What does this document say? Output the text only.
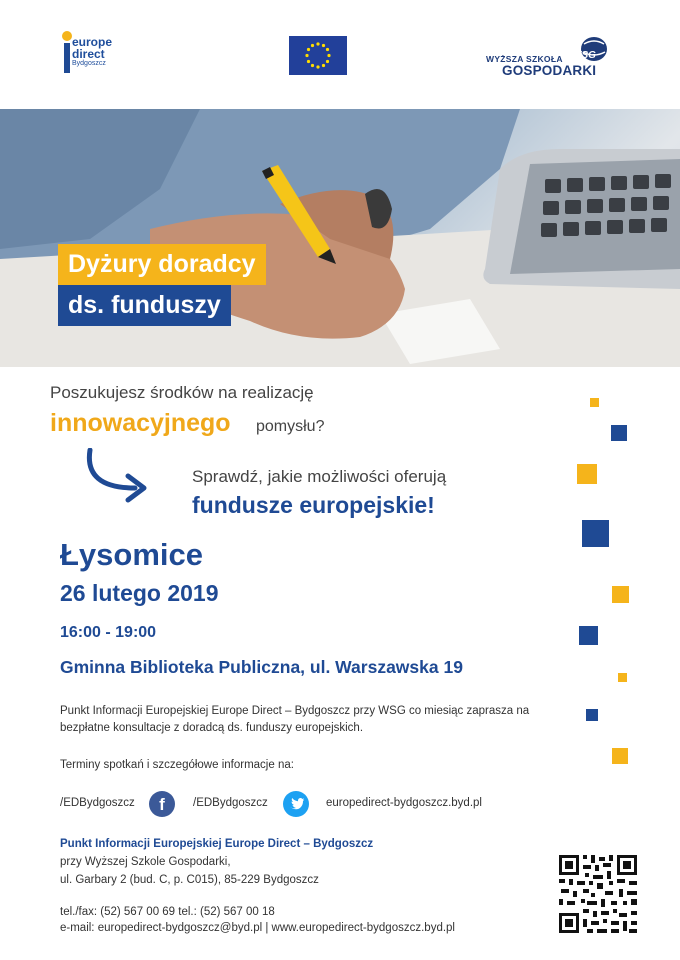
europe
direct
Bydgoszcz	WYŻSZA SZKOŁA WSG
GOSPODARKI
Dyżury doradcy
ds. funduszy
Poszukujesz środków na realizację
innowacyjnego pomysłu?
Sprawdź, jakie możliwości oferują
fundusze europejskie!
Łysomice
26 lutego 2019
16:00 - 19:00
Gminna Biblioteka Publiczna, ul. Warszawska 19
Punkt Informacji Europejskiej Europe Direct – Bydgoszcz przy WSG co miesiąc zaprasza na bezpłatne konsultacje z doradcą ds. funduszy europejskich.
Terminy spotkań i szczegółowe informacje na:
/EDBydgoszcz	f	/EDBydgoszcz	europedirect-bydgoszcz.byd.pl
Punkt Informacji Europejskiej Europe Direct – Bydgoszcz
przy Wyższej Szkole Gospodarki,
ul. Garbary 2 (bud. C, p. C015), 85-229 Bydgoszcz
tel./fax: (52) 567 00 69 tel.: (52) 567 00 18
e-mail: europedirect-bydgoszcz@byd.pl | www.europedirect-bydgoszcz.byd.pl
